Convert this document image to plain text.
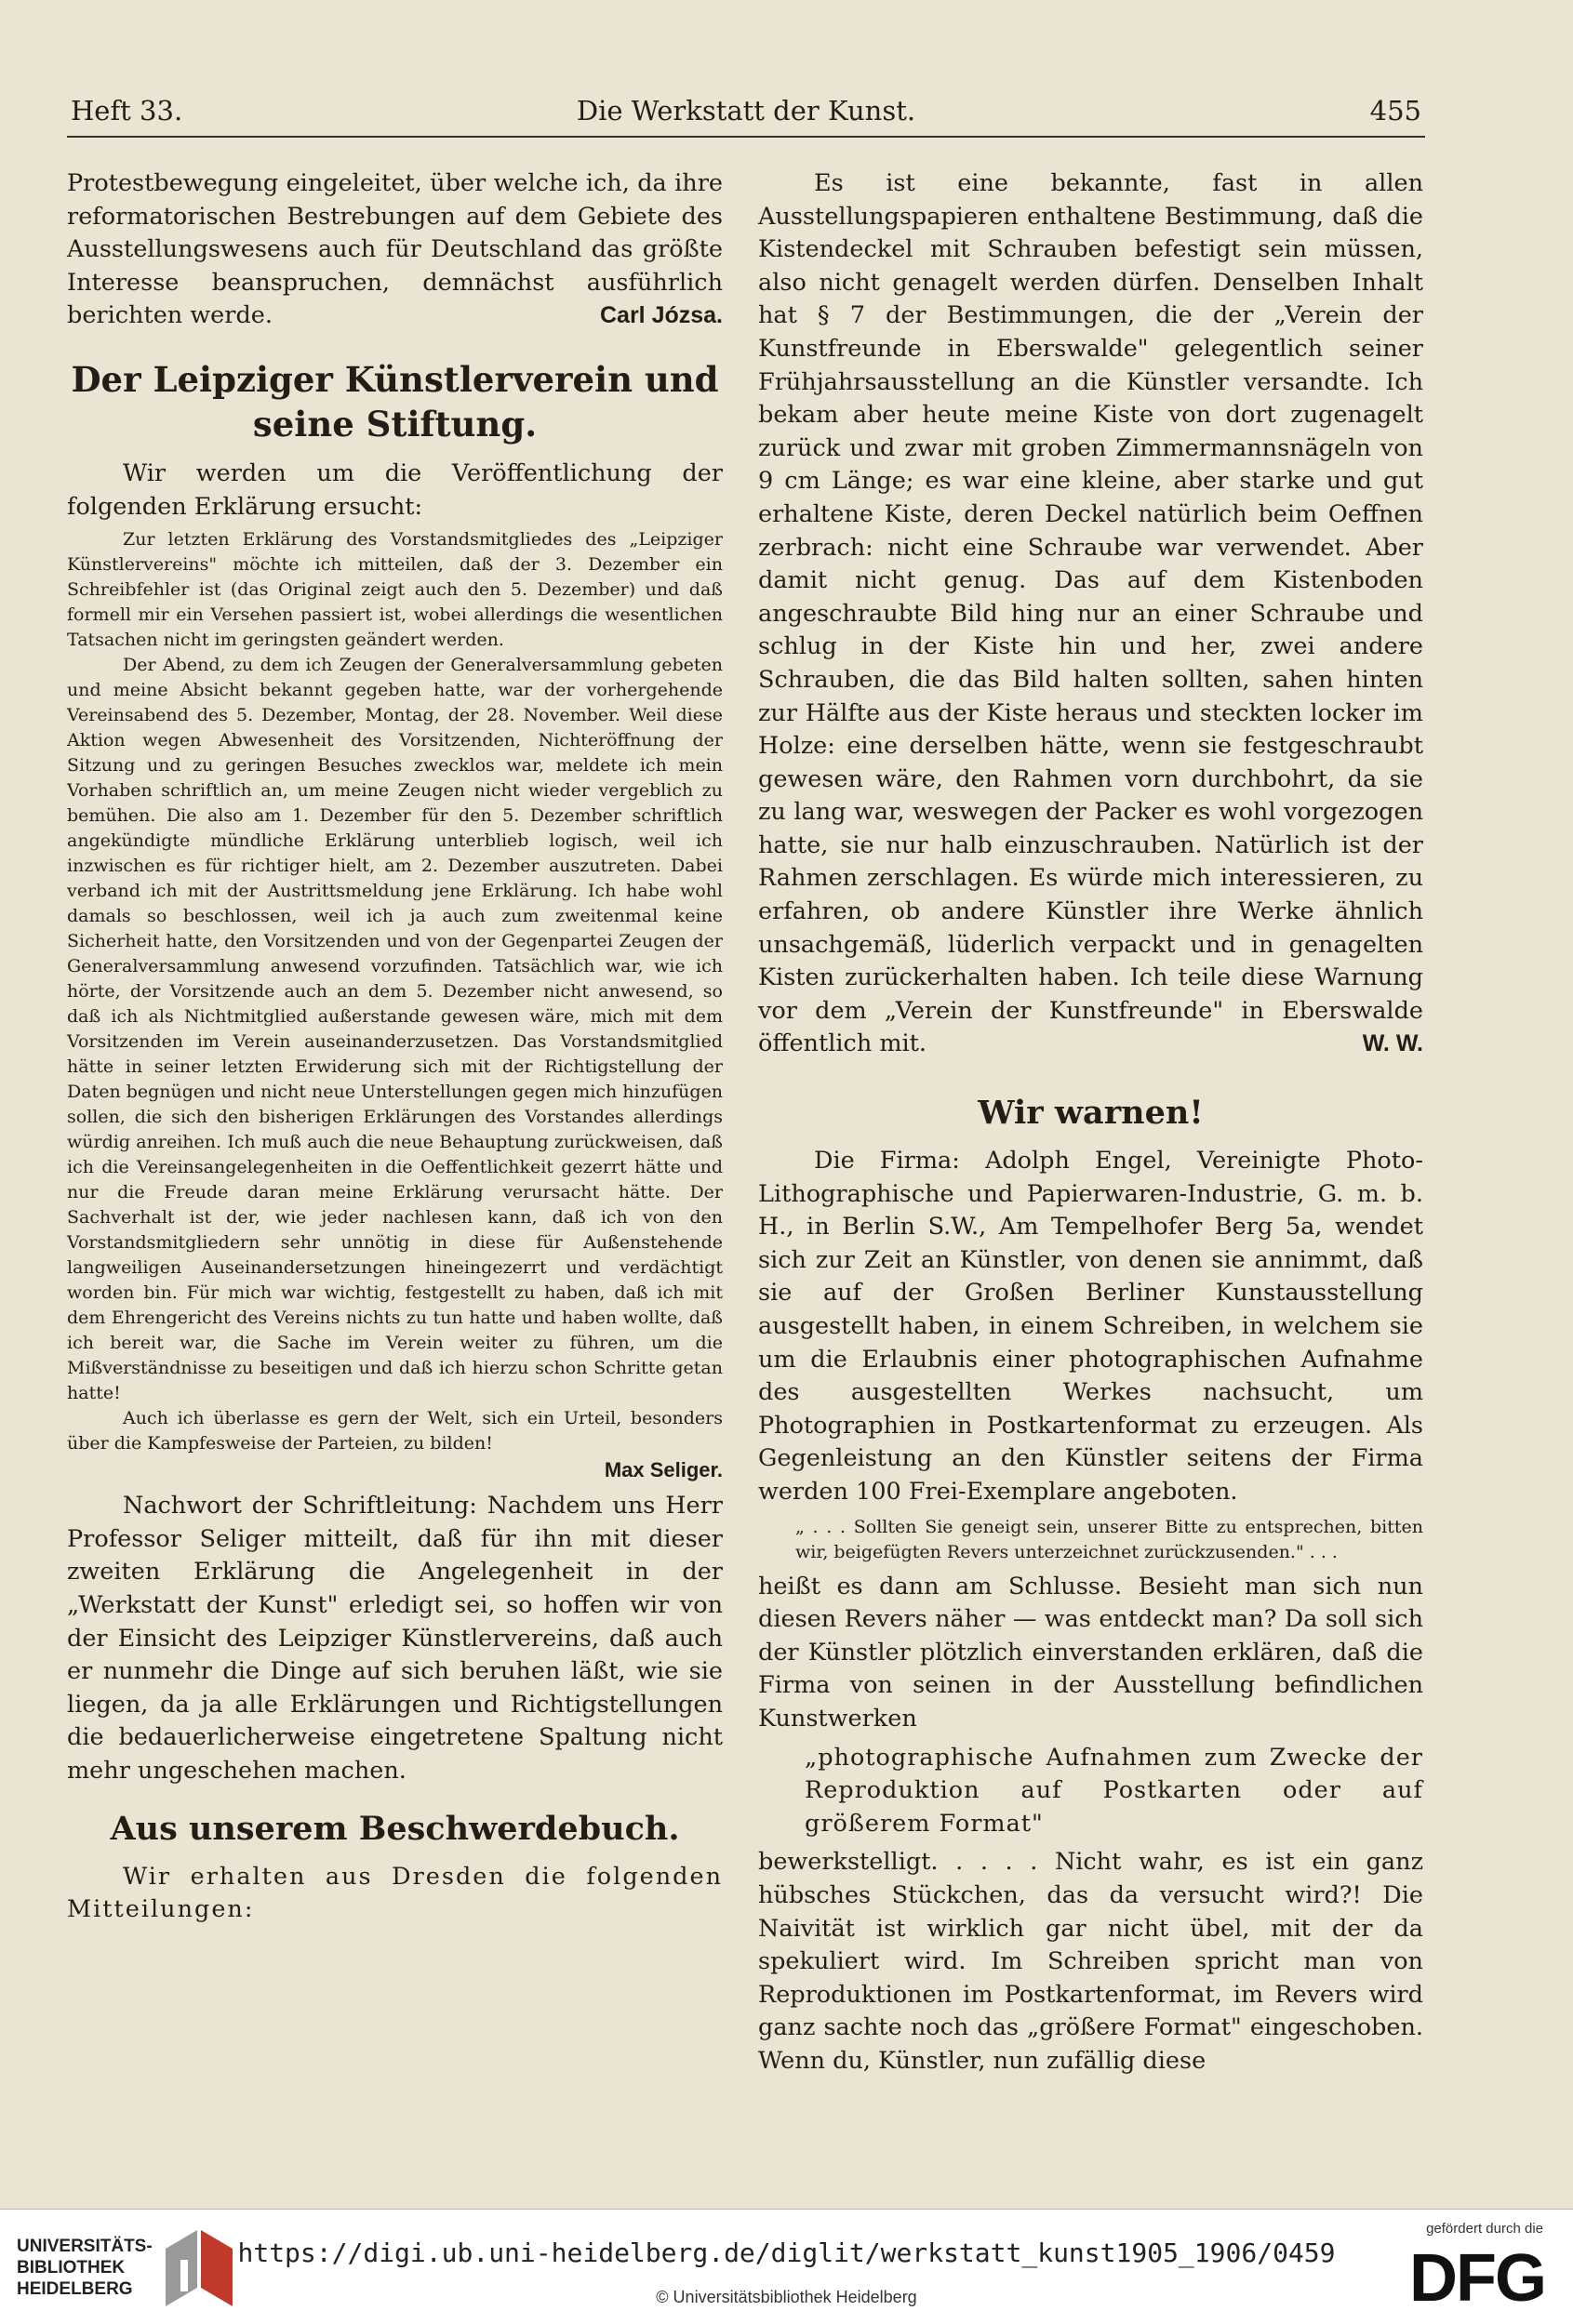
Heft 33.	Die Werkstatt der Kunst.	455

Protestbewegung eingeleitet, über welche ich, da ihre reformatorischen Bestrebungen auf dem Gebiete des Ausstellungswesens auch für Deutschland das größte Interesse beanspruchen, demnächst ausführlich berichten werde.	Carl Józsa.

Der Leipziger Künstlerverein und seine Stiftung.

Wir werden um die Veröffentlichung der folgenden Erklärung ersucht:

Zur letzten Erklärung des Vorstandsmitgliedes des „Leipziger Künstlervereins" möchte ich mitteilen, daß der 3. Dezember ein Schreibfehler ist (das Original zeigt auch den 5. Dezember) und daß formell mir ein Versehen passiert ist, wobei allerdings die wesentlichen Tatsachen nicht im geringsten geändert werden.

Der Abend, zu dem ich Zeugen der Generalversammlung gebeten und meine Absicht bekannt gegeben hatte, war der vorhergehende Vereinsabend des 5. Dezember, Montag, der 28. November. Weil diese Aktion wegen Abwesenheit des Vorsitzenden, Nichteröffnung der Sitzung und zu geringen Besuches zwecklos war, meldete ich mein Vorhaben schriftlich an, um meine Zeugen nicht wieder vergeblich zu bemühen. Die also am 1. Dezember für den 5. Dezember schriftlich angekündigte mündliche Erklärung unterblieb logisch, weil ich inzwischen es für richtiger hielt, am 2. Dezember auszutreten. Dabei verband ich mit der Austrittsmeldung jene Erklärung. Ich habe wohl damals so beschlossen, weil ich ja auch zum zweitenmal keine Sicherheit hatte, den Vorsitzenden und von der Gegenpartei Zeugen der Generalversammlung anwesend vorzufinden. Tatsächlich war, wie ich hörte, der Vorsitzende auch an dem 5. Dezember nicht anwesend, so daß ich als Nichtmitglied außerstande gewesen wäre, mich mit dem Vorsitzenden im Verein auseinanderzusetzen. Das Vorstandsmitglied hätte in seiner letzten Erwiderung sich mit der Richtigstellung der Daten begnügen und nicht neue Unterstellungen gegen mich hinzufügen sollen, die sich den bisherigen Erklärungen des Vorstandes allerdings würdig anreihen. Ich muß auch die neue Behauptung zurückweisen, daß ich die Vereinsangelegenheiten in die Oeffentlichkeit gezerrt hätte und nur die Freude daran meine Erklärung verursacht hätte. Der Sachverhalt ist der, wie jeder nachlesen kann, daß ich von den Vorstandsmitgliedern sehr unnötig in diese für Außenstehende langweiligen Auseinandersetzungen hineingezerrt und verdächtigt worden bin. Für mich war wichtig, festgestellt zu haben, daß ich mit dem Ehrengericht des Vereins nichts zu tun hatte und haben wollte, daß ich bereit war, die Sache im Verein weiter zu führen, um die Mißverständnisse zu beseitigen und daß ich hierzu schon Schritte getan hatte!

Auch ich überlasse es gern der Welt, sich ein Urteil, besonders über die Kampfesweise der Parteien, zu bilden!

Max Seliger.

Nachwort der Schriftleitung: Nachdem uns Herr Professor Seliger mitteilt, daß für ihn mit dieser zweiten Erklärung die Angelegenheit in der „Werkstatt der Kunst" erledigt sei, so hoffen wir von der Einsicht des Leipziger Künstlervereins, daß auch er nunmehr die Dinge auf sich beruhen läßt, wie sie liegen, da ja alle Erklärungen und Richtigstellungen die bedauerlicherweise eingetretene Spaltung nicht mehr ungeschehen machen.

Aus unserem Beschwerdebuch.

Wir erhalten aus Dresden die folgenden Mitteilungen:

Es ist eine bekannte, fast in allen Ausstellungspapieren enthaltene Bestimmung, daß die Kistendeckel mit Schrauben befestigt sein müssen, also nicht genagelt werden dürfen. Denselben Inhalt hat § 7 der Bestimmungen, die der „Verein der Kunstfreunde in Eberswalde" gelegentlich seiner Frühjahrsausstellung an die Künstler versandte. Ich bekam aber heute meine Kiste von dort zugenagelt zurück und zwar mit groben Zimmermannsnägeln von 9 cm Länge; es war eine kleine, aber starke und gut erhaltene Kiste, deren Deckel natürlich beim Oeffnen zerbrach: nicht eine Schraube war verwendet. Aber damit nicht genug. Das auf dem Kistenboden angeschraubte Bild hing nur an einer Schraube und schlug in der Kiste hin und her, zwei andere Schrauben, die das Bild halten sollten, sahen hinten zur Hälfte aus der Kiste heraus und steckten locker im Holze: eine derselben hätte, wenn sie festgeschraubt gewesen wäre, den Rahmen vorn durchbohrt, da sie zu lang war, weswegen der Packer es wohl vorgezogen hatte, sie nur halb einzuschrauben. Natürlich ist der Rahmen zerschlagen. Es würde mich interessieren, zu erfahren, ob andere Künstler ihre Werke ähnlich unsachgemäß, lüderlich verpackt und in genagelten Kisten zurückerhalten haben. Ich teile diese Warnung vor dem „Verein der Kunstfreunde" in Eberswalde öffentlich mit.	W. W.

Wir warnen!

Die Firma: Adolph Engel, Vereinigte Photo-Lithographische und Papierwaren-Industrie, G. m. b. H., in Berlin S.W., Am Tempelhofer Berg 5a, wendet sich zur Zeit an Künstler, von denen sie annimmt, daß sie auf der Großen Berliner Kunstausstellung ausgestellt haben, in einem Schreiben, in welchem sie um die Erlaubnis einer photographischen Aufnahme des ausgestellten Werkes nachsucht, um Photographien in Postkartenformat zu erzeugen. Als Gegenleistung an den Künstler seitens der Firma werden 100 Frei-Exemplare angeboten.

„ . . . Sollten Sie geneigt sein, unserer Bitte zu entsprechen, bitten wir, beigefügten Revers unterzeichnet zurückzusenden." . . .

heißt es dann am Schlusse. Besieht man sich nun diesen Revers näher — was entdeckt man? Da soll sich der Künstler plötzlich einverstanden erklären, daß die Firma von seinen in der Ausstellung befindlichen Kunstwerken

„photographische Aufnahmen zum Zwecke der Reproduktion auf Postkarten oder auf größerem Format"

bewerkstelligt. . . . . Nicht wahr, es ist ein ganz hübsches Stückchen, das da versucht wird?! Die Naivität ist wirklich gar nicht übel, mit der da spekuliert wird. Im Schreiben spricht man von Reproduktionen im Postkartenformat, im Revers wird ganz sachte noch das „größere Format" eingeschoben. Wenn du, Künstler, nun zufällig diese

UNIVERSITÄTS-
BIBLIOTHEK
HEIDELBERG
https://digi.ub.uni-heidelberg.de/diglit/werkstatt_kunst1905_1906/0459
© Universitätsbibliothek Heidelberg
gefördert durch die
DFG
